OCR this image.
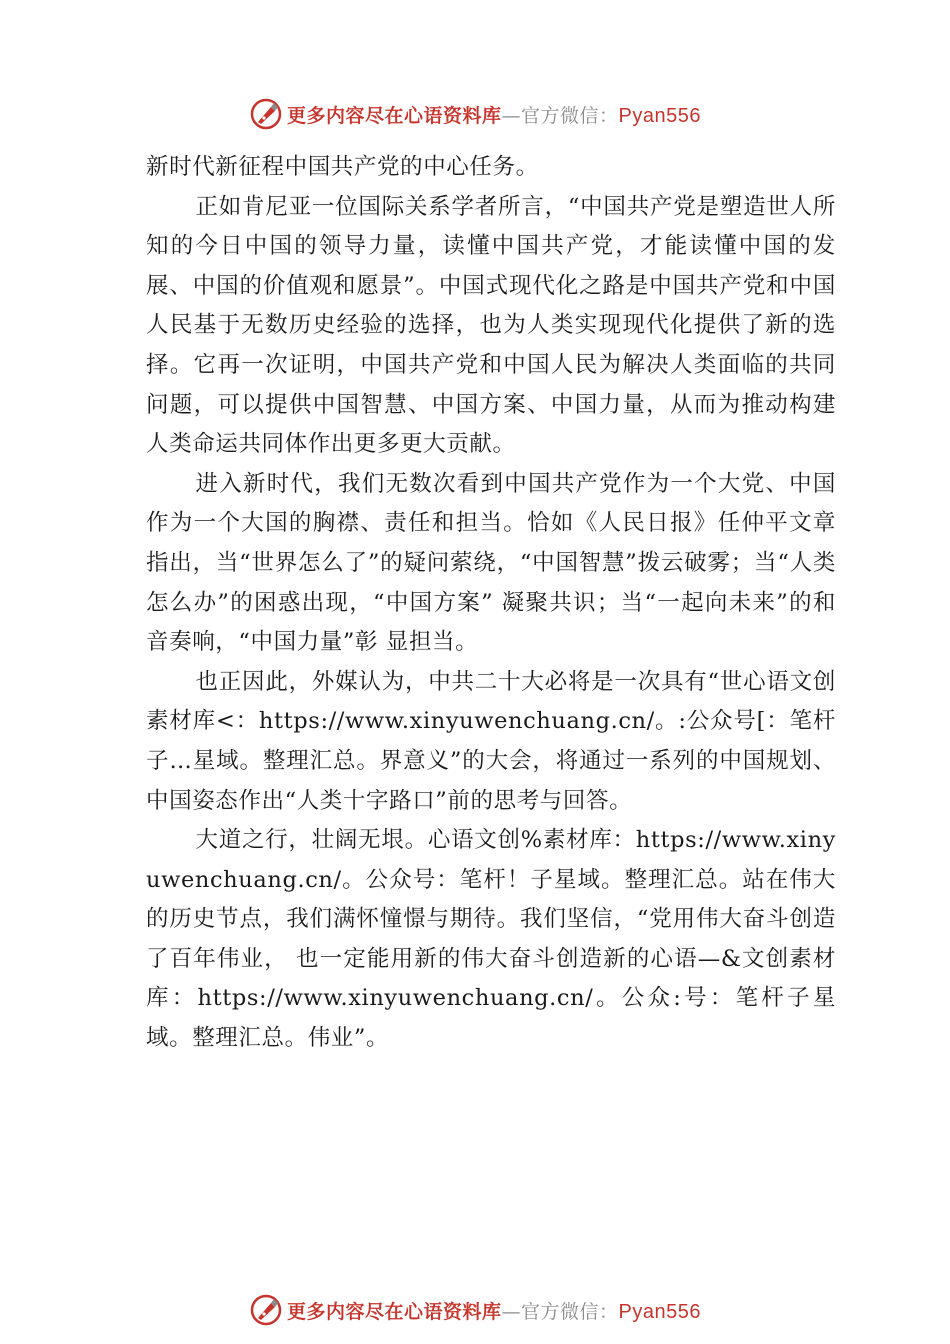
更多内容尽在心语资料库—官方微信：Pyan556

新时代新征程中国共产党的中心任务。

正如肯尼亚一位国际关系学者所言，“中国共产党是塑造世人所知的今日中国的领导力量，读懂中国共产党，才能读懂中国的发展、中国的价值观和愿景”。中国式现代化之路是中国共产党和中国人民基于无数历史经验的选择，也为人类实现现代化提供了新的选择。它再一次证明，中国共产党和中国人民为解决人类面临的共同问题，可以提供中国智慧、中国方案、中国力量，从而为推动构建人类命运共同体作出更多更大贡献。

进入新时代，我们无数次看到中国共产党作为一个大党、中国作为一个大国的胸襟、责任和担当。恰如《人民日报》任仲平文章指出，当“世界怎么了”的疑问萦绕，“中国智慧”拨云破雾；当“人类怎么办”的困惑出现，“中国方案” 凝聚共识；当“一起向未来”的和音奏响，“中国力量”彰 显担当。

也正因此，外媒认为，中共二十大必将是一次具有“世心语文创素材库<：https://www.xinyuwenchuang.cn/。:公众号[：笔杆子…星域。整理汇总。界意义”的大会，将通过一系列的中国规划、中国姿态作出“人类十字路口”前的思考与回答。

大道之行，壮阔无垠。心语文创%素材库：https://www.xinyuwenchuang.cn/。公众号：笔杆！子星域。整理汇总。站在伟大的历史节点，我们满怀憧憬与期待。我们坚信，“党用伟大奋斗创造了百年伟业， 也一定能用新的伟大奋斗创造新的心语—&文创素材库：https://www.xinyuwenchuang.cn/。公众:号：笔杆子星域。整理汇总。伟业”。

更多内容尽在心语资料库—官方微信：Pyan556
